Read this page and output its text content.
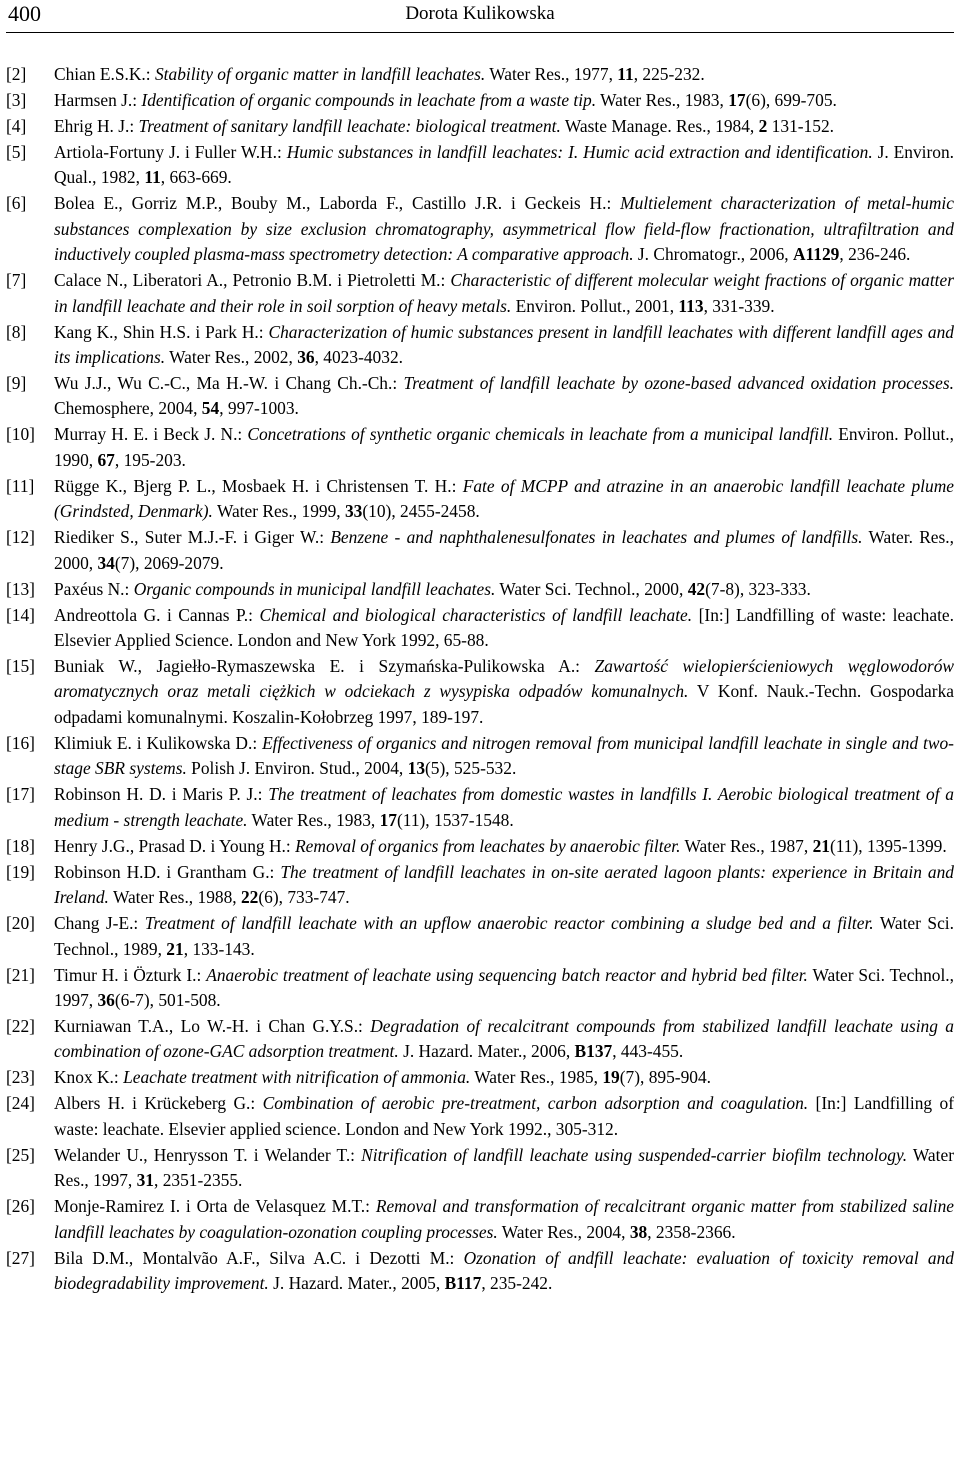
400	Dorota Kulikowska
[2] Chian E.S.K.: Stability of organic matter in landfill leachates. Water Res., 1977, 11, 225-232.
[3] Harmsen J.: Identification of organic compounds in leachate from a waste tip. Water Res., 1983, 17(6), 699-705.
[4] Ehrig H. J.: Treatment of sanitary landfill leachate: biological treatment. Waste Manage. Res., 1984, 2 131-152.
[5] Artiola-Fortuny J. i Fuller W.H.: Humic substances in landfill leachates: I. Humic acid extraction and identification. J. Environ. Qual., 1982, 11, 663-669.
[6] Bolea E., Gorriz M.P., Bouby M., Laborda F., Castillo J.R. i Geckeis H.: Multielement characterization of metal-humic substances complexation by size exclusion chromatography, asymmetrical flow field-flow fractionation, ultrafiltration and inductively coupled plasma-mass spectrometry detection: A comparative approach. J. Chromatogr., 2006, A1129, 236-246.
[7] Calace N., Liberatori A., Petronio B.M. i Pietroletti M.: Characteristic of different molecular weight fractions of organic matter in landfill leachate and their role in soil sorption of heavy metals. Environ. Pollut., 2001, 113, 331-339.
[8] Kang K., Shin H.S. i Park H.: Characterization of humic substances present in landfill leachates with different landfill ages and its implications. Water Res., 2002, 36, 4023-4032.
[9] Wu J.J., Wu C.-C., Ma H.-W. i Chang Ch.-Ch.: Treatment of landfill leachate by ozone-based advanced oxidation processes. Chemosphere, 2004, 54, 997-1003.
[10] Murray H. E. i Beck J. N.: Concetrations of synthetic organic chemicals in leachate from a municipal landfill. Environ. Pollut., 1990, 67, 195-203.
[11] Rügge K., Bjerg P. L., Mosbaek H. i Christensen T. H.: Fate of MCPP and atrazine in an anaerobic landfill leachate plume (Grindsted, Denmark). Water Res., 1999, 33(10), 2455-2458.
[12] Riediker S., Suter M.J.-F. i Giger W.: Benzene - and naphthalenesulfonates in leachates and plumes of landfills. Water. Res., 2000, 34(7), 2069-2079.
[13] Paxéus N.: Organic compounds in municipal landfill leachates. Water Sci. Technol., 2000, 42(7-8), 323-333.
[14] Andreottola G. i Cannas P.: Chemical and biological characteristics of landfill leachate. [In:] Landfilling of waste: leachate. Elsevier Applied Science. London and New York 1992, 65-88.
[15] Buniak W., Jagiełło-Rymaszewska E. i Szymańska-Pulikowska A.: Zawartość wielopierścieniowych węglowodorów aromatycznych oraz metali ciężkich w odciekach z wysypiska odpadów komunalnych. V Konf. Nauk.-Techn. Gospodarka odpadami komunalnymi. Koszalin-Kołobrzeg 1997, 189-197.
[16] Klimiuk E. i Kulikowska D.: Effectiveness of organics and nitrogen removal from municipal landfill leachate in single and two-stage SBR systems. Polish J. Environ. Stud., 2004, 13(5), 525-532.
[17] Robinson H. D. i Maris P. J.: The treatment of leachates from domestic wastes in landfills I. Aerobic biological treatment of a medium - strength leachate. Water Res., 1983, 17(11), 1537-1548.
[18] Henry J.G., Prasad D. i Young H.: Removal of organics from leachates by anaerobic filter. Water Res., 1987, 21(11), 1395-1399.
[19] Robinson H.D. i Grantham G.: The treatment of landfill leachates in on-site aerated lagoon plants: experience in Britain and Ireland. Water Res., 1988, 22(6), 733-747.
[20] Chang J-E.: Treatment of landfill leachate with an upflow anaerobic reactor combining a sludge bed and a filter. Water Sci. Technol., 1989, 21, 133-143.
[21] Timur H. i Özturk I.: Anaerobic treatment of leachate using sequencing batch reactor and hybrid bed filter. Water Sci. Technol., 1997, 36(6-7), 501-508.
[22] Kurniawan T.A., Lo W.-H. i Chan G.Y.S.: Degradation of recalcitrant compounds from stabilized landfill leachate using a combination of ozone-GAC adsorption treatment. J. Hazard. Mater., 2006, B137, 443-455.
[23] Knox K.: Leachate treatment with nitrification of ammonia. Water Res., 1985, 19(7), 895-904.
[24] Albers H. i Krückeberg G.: Combination of aerobic pre-treatment, carbon adsorption and coagulation. [In:] Landfilling of waste: leachate. Elsevier applied science. London and New York 1992., 305-312.
[25] Welander U., Henrysson T. i Welander T.: Nitrification of landfill leachate using suspended-carrier biofilm technology. Water Res., 1997, 31, 2351-2355.
[26] Monje-Ramirez I. i Orta de Velasquez M.T.: Removal and transformation of recalcitrant organic matter from stabilized saline landfill leachates by coagulation-ozonation coupling processes. Water Res., 2004, 38, 2358-2366.
[27] Bila D.M., Montalvão A.F., Silva A.C. i Dezotti M.: Ozonation of andfill leachate: evaluation of toxicity removal and biodegradability improvement. J. Hazard. Mater., 2005, B117, 235-242.
